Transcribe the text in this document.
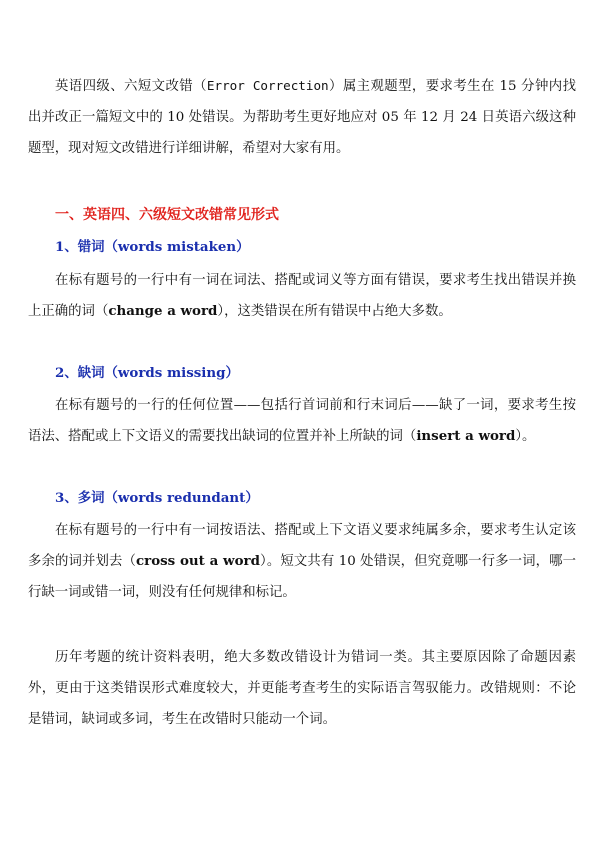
英语四级、六短文改错（Error Correction）属主观题型，要求考生在 15 分钟内找出并改正一篇短文中的 10 处错误。为帮助考生更好地应对 05 年 12 月 24 日英语六级这种题型，现对短文改错进行详细讲解，希望对大家有用。

一、英语四、六级短文改错常见形式
1、错词（words mistaken）

在标有题号的一行中有一词在词法、搭配或词义等方面有错误，要求考生找出错误并换上正确的词（change a word），这类错误在所有错误中占绝大多数。

2、缺词（words missing）

在标有题号的一行的任何位置——包括行首词前和行末词后——缺了一词，要求考生按语法、搭配或上下文语义的需要找出缺词的位置并补上所缺的词（insert a word）。

3、多词（words redundant）

在标有题号的一行中有一词按语法、搭配或上下文语义要求纯属多余，要求考生认定该多余的词并划去（cross out a word）。短文共有 10 处错误，但究竟哪一行多一词，哪一行缺一词或错一词，则没有任何规律和标记。

历年考题的统计资料表明，绝大多数改错设计为错词一类。其主要原因除了命题因素外，更由于这类错误形式难度较大，并更能考查考生的实际语言驾驭能力。改错规则：不论是错词，缺词或多词，考生在改错时只能动一个词。
